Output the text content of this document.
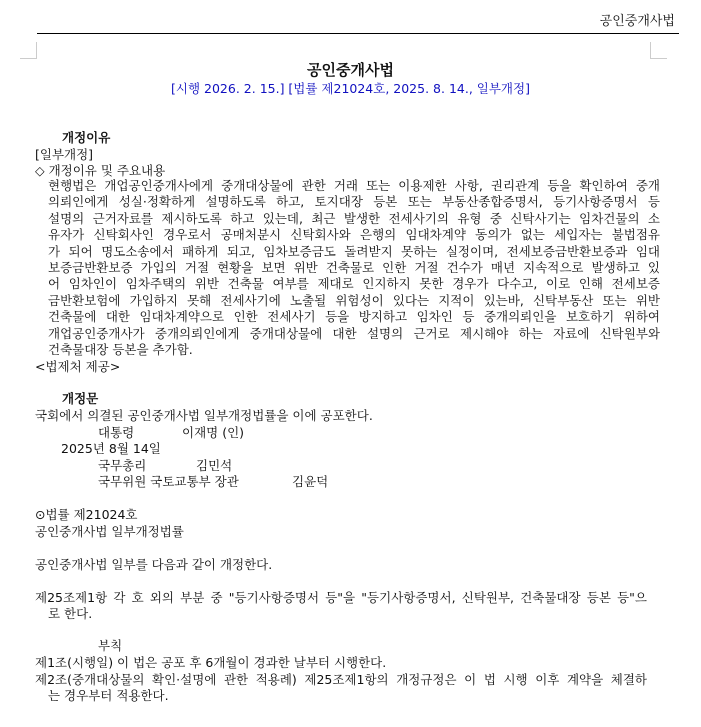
공인중개사법
공인중개사법
[시행 2026. 2. 15.] [법률 제21024호, 2025. 8. 14., 일부개정]
개정이유
[일부개정]
◇ 개정이유 및 주요내용
현행법은 개업공인중개사에게 중개대상물에 관한 거래 또는 이용제한 사항, 권리관계 등을 확인하여 중개
의뢰인에게 성실·정확하게 설명하도록 하고, 토지대장 등본 또는 부동산종합증명서, 등기사항증명서 등
설명의 근거자료를 제시하도록 하고 있는데, 최근 발생한 전세사기의 유형 중 신탁사기는 임차건물의 소
유자가 신탁회사인 경우로서 공매처분시 신탁회사와 은행의 임대차계약 동의가 없는 세입자는 불법점유
가 되어 명도소송에서 패하게 되고, 임차보증금도 돌려받지 못하는 실정이며, 전세보증금반환보증과 임대
보증금반환보증 가입의 거절 현황을 보면 위반 건축물로 인한 거절 건수가 매년 지속적으로 발생하고 있
어 임차인이 임차주택의 위반 건축물 여부를 제대로 인지하지 못한 경우가 다수고, 이로 인해 전세보증
금반환보험에 가입하지 못해 전세사기에 노출될 위험성이 있다는 지적이 있는바, 신탁부동산 또는 위반
건축물에 대한 임대차계약으로 인한 전세사기 등을 방지하고 임차인 등 중개의뢰인을 보호하기 위하여
개업공인중개사가 중개의뢰인에게 중개대상물에 대한 설명의 근거로 제시해야 하는 자료에 신탁원부와
건축물대장 등본을 추가함.
<법제처 제공>
개정문
국회에서 의결된 공인중개사법 일부개정법률을 이에 공포한다.
대통령	이재명 (인)
2025년 8월 14일
국무총리	김민석
국무위원 국토교통부 장관	김윤덕
⊙법률 제21024호
공인중개사법 일부개정법률
공인중개사법 일부를 다음과 같이 개정한다.
제25조제1항 각 호 외의 부분 중 "등기사항증명서 등"을 "등기사항증명서, 신탁원부, 건축물대장 등본 등"으
로 한다.
부칙
제1조(시행일) 이 법은 공포 후 6개월이 경과한 날부터 시행한다.
제2조(중개대상물의 확인·설명에 관한 적용례) 제25조제1항의 개정규정은 이 법 시행 이후 계약을 체결하
는 경우부터 적용한다.
